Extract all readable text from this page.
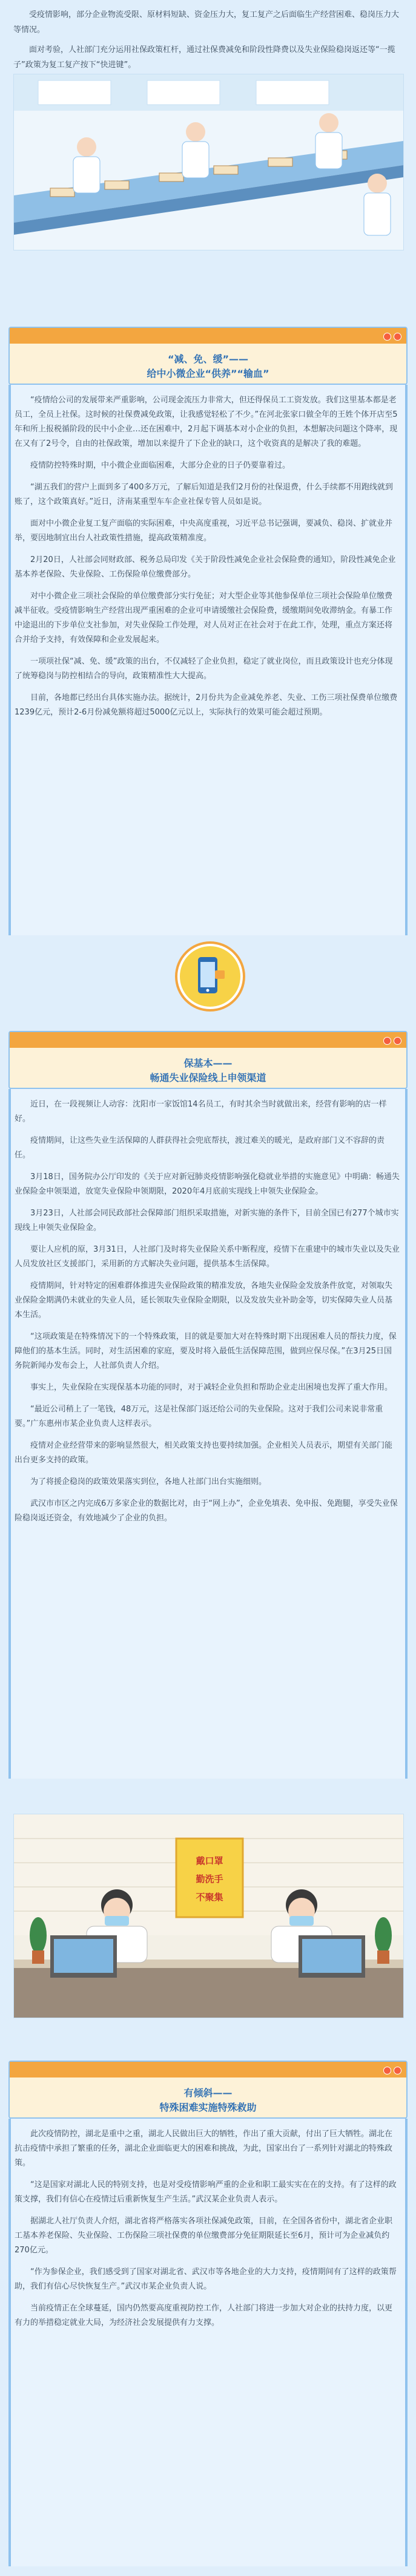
受疫情影响，部分企业物流受限、原材料短缺、资金压力大，复工复产之后面临生产经营困难、稳岗压力大等情况。

面对考验，人社部门充分运用社保政策杠杆，通过社保费减免和阶段性降费以及失业保险稳岗返还等“一揽子”政策为复工复产按下“快进键”。

“减、免、缓”——
给中小微企业“供养”“输血”

“疫情给公司的发展带来严重影响，公司现金流压力非常大，但还得保员工工资发放。我们这里基本都是老员工，全员上社保。这时候的社保费减免政策，让我感觉轻松了不少。”在河北张家口做全年的王姓个体开店至5年和所上报税循阶段的民中小企业…还在困难中，2月起下调基本对小企业的负担，本想解决问题这个降率，现在又有了2号令，自由的社保政策，增加以来提升了下企业的缺口，这个收资真的是解决了我的难题。

疫情防控特殊时期，中小微企业面临困难，大部分企业的日子仍要靠着过。

“湖五我们的营户上面到多了400多万元，了解后知道是我们2月份的社保退费，什么手续都不用跑线就到账了，这个政策真好。”近日，济南某重型车车企业社保专管人员如是说。

面对中小微企业复工复产面临的实际困难，中央高度重视，习近平总书记强调，要减负、稳岗、扩就业并举，要因地制宜出台人社政策性措施，提高政策精准度。

2月20日，人社部会同财政部、税务总局印发《关于阶段性减免企业社会保险费的通知》，阶段性减免企业基本养老保险、失业保险、工伤保险单位缴费部分。

对中小微企业三项社会保险的单位缴费部分实行免征；对大型企业等其他参保单位三项社会保险单位缴费减半征收。受疫情影响生产经营出现严重困难的企业可申请缓缴社会保险费，缓缴期间免收滞纳金。有暴工作中途退出的下步单位支社参加，对失业保险工作处理，对人员对正在社会对于在此工作，处理，重点方案还将合并给予支持，有效保障和企业发展起来。

一项项社保“减、免、缓”政策的出台，不仅减轻了企业负担，稳定了就业岗位，而且政策设计也充分体现了统筹稳岗与防控相结合的导向，政策精准性大大提高。

目前，各地都已经出台具体实施办法。据统计，2月份共为企业减免养老、失业、工伤三项社保费单位缴费1239亿元，预计2-6月份减免额将超过5000亿元以上，实际执行的效果可能会超过预期。

保基本——
畅通失业保险线上申领渠道

近日，在一段视频让人动容：沈阳市一家饭馆14名员工，有时其余当时就做出来，经营有影响的店一样好。

疫情期间，让这些失业生活保障的人群获得社会兜底帮扶，渡过难关的暖光，是政府部门义不容辞的责任。

3月18日，国务院办公厅印发的《关于应对新冠肺炎疫情影响强化稳就业举措的实施意见》中明确：畅通失业保险金申领渠道，放宽失业保险申领期限，2020年4月底前实现线上申领失业保险金。

3月23日，人社部会同民政部社会保障部门组织采取措施，对新实施的条件下，目前全国已有277个城市实现线上申领失业保险金。

要让人应机的原，3月31日，人社部门及时将失业保险关系中断程度，疫情下在重建中的城市失业以及失业人员发放社区支援部门，采用新的方式解决失业问题，提供基本生活保障。

疫情期间，针对特定的困难群体推进失业保险政策的精准发放，各地失业保险金发放条件放宽，对领取失业保险金期满仍未就业的失业人员，延长领取失业保险金期限，以及发放失业补助金等，切实保障失业人员基本生活。

“这项政策是在特殊情况下的一个特殊政策，目的就是要加大对在特殊时期下出现困难人员的帮扶力度，保障他们的基本生活。同时，对生活困难的家庭，要及时将入最低生活保障范围，做到应保尽保。”在3月25日国务院新闻办发布会上，人社部负责人介绍。

事实上，失业保险在实现保基本功能的同时，对于减轻企业负担和帮助企业走出困境也发挥了重大作用。

“最近公司稍上了一笔钱，48万元，这是社保部门返还给公司的失业保险。这对于我们公司来说非常重要。”广东惠州市某企业负责人这样表示。

疫情对企业经营带来的影响显然很大，相关政策支持也要持续加强。企业相关人员表示，期望有关部门能出台更多支持的政策。

为了将援企稳岗的政策效果落实到位，各地人社部门出台实施细则。

武汉市市区之内完成6万多家企业的数据比对，由于“网上办”，企业免填表、免申报、免跑腿，享受失业保险稳岗返还资金，有效地减少了企业的负担。

戴口罩
勤洗手
不聚集
有倾斜——
特殊困难实施特殊救助

此次疫情防控，湖北是重中之重，湖北人民做出巨大的牺牲，作出了重大贡献，付出了巨大牺牲。湖北在抗击疫情中承担了繁重的任务，湖北企业面临更大的困难和挑战，为此，国家出台了一系列针对湖北的特殊政策。

“这是国家对湖北人民的特别支持，也是对受疫情影响严重的企业和职工最实实在在的支持。有了这样的政策支撑，我们有信心在疫情过后重新恢复生产生活。”武汉某企业负责人表示。

据湖北人社厅负责人介绍，湖北省将严格落实各项社保减免政策，目前，在全国各省份中，湖北省企业职工基本养老保险、失业保险、工伤保险三项社保费的单位缴费部分免征期限延长至6月，预计可为企业减负约270亿元。

“作为参保企业，我们感受到了国家对湖北省、武汉市等各地企业的大力支持，疫情期间有了这样的政策帮助，我们有信心尽快恢复生产。”武汉市某企业负责人说。

当前疫情正在全球蔓延，国内仍然要高度重视防控工作，人社部门将进一步加大对企业的扶持力度，以更有力的举措稳定就业大局，为经济社会发展提供有力支撑。
